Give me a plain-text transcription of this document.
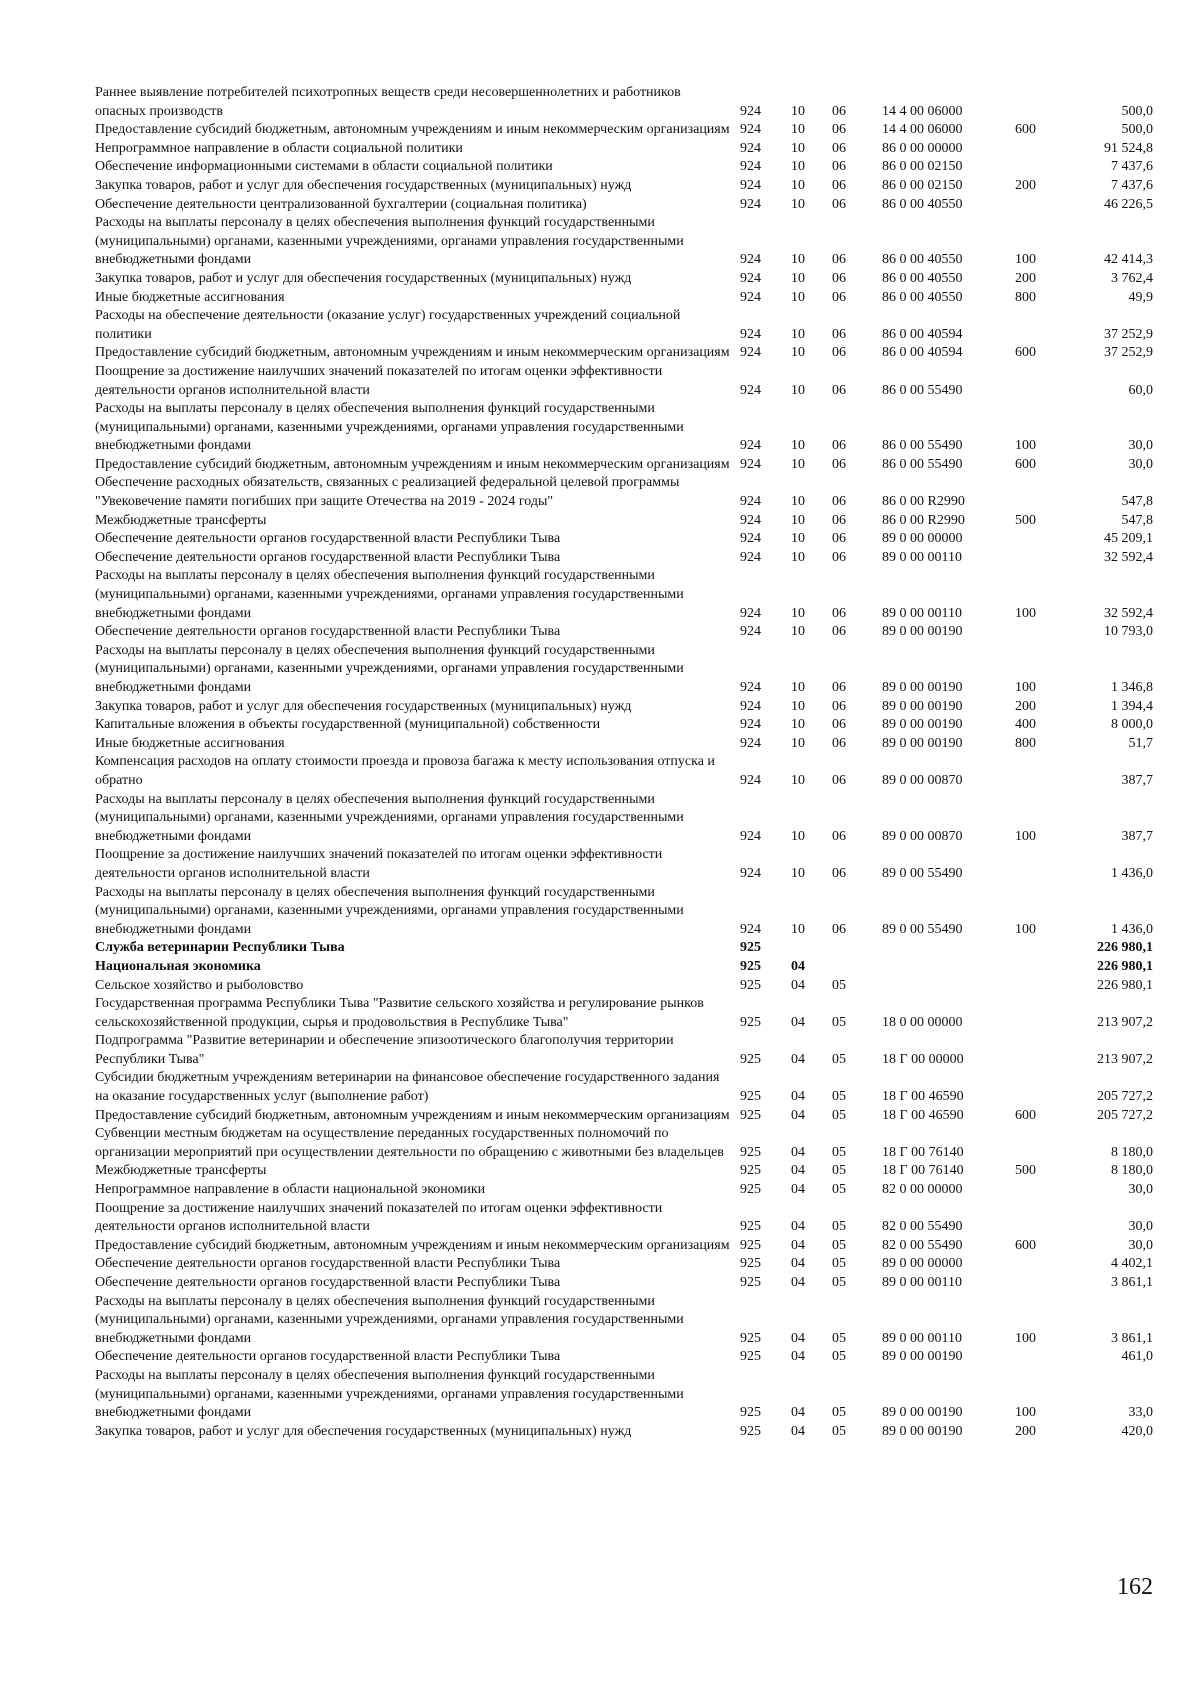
Раннее выявление потребителей психотропных веществ среди несовершеннолетних и работников опасных производств	924	10	06	14 4 00 06000		500,0
Предоставление субсидий бюджетным, автономным учреждениям и иным некоммерческим организациям	924	10	06	14 4 00 06000	600	500,0
Непрограммное направление в области социальной политики	924	10	06	86 0 00 00000		91 524,8
Обеспечение информационными системами в области социальной политики	924	10	06	86 0 00 02150		7 437,6
Закупка товаров, работ и услуг для обеспечения государственных (муниципальных) нужд	924	10	06	86 0 00 02150	200	7 437,6
Обеспечение деятельности централизованной бухгалтерии (социальная политика)	924	10	06	86 0 00 40550		46 226,5
Расходы на выплаты персоналу в целях обеспечения выполнения функций государственными (муниципальными) органами, казенными учреждениями, органами управления государственными внебюджетными фондами	924	10	06	86 0 00 40550	100	42 414,3
Закупка товаров, работ и услуг для обеспечения государственных (муниципальных) нужд	924	10	06	86 0 00 40550	200	3 762,4
Иные бюджетные ассигнования	924	10	06	86 0 00 40550	800	49,9
Расходы на обеспечение деятельности (оказание услуг) государственных учреждений социальной политики	924	10	06	86 0 00 40594		37 252,9
Предоставление субсидий бюджетным, автономным учреждениям и иным некоммерческим организациям	924	10	06	86 0 00 40594	600	37 252,9
Поощрение за достижение наилучших значений показателей по итогам оценки эффективности деятельности органов исполнительной власти	924	10	06	86 0 00 55490		60,0
Расходы на выплаты персоналу в целях обеспечения выполнения функций государственными (муниципальными) органами, казенными учреждениями, органами управления государственными внебюджетными фондами	924	10	06	86 0 00 55490	100	30,0
Предоставление субсидий бюджетным, автономным учреждениям и иным некоммерческим организациям	924	10	06	86 0 00 55490	600	30,0
Обеспечение расходных обязательств, связанных с реализацией федеральной целевой программы "Увековечение памяти погибших при защите Отечества на 2019 - 2024 годы"	924	10	06	86 0 00 R2990		547,8
Межбюджетные трансферты	924	10	06	86 0 00 R2990	500	547,8
Обеспечение деятельности органов государственной власти Республики Тыва	924	10	06	89 0 00 00000		45 209,1
Обеспечение деятельности органов государственной власти Республики Тыва	924	10	06	89 0 00 00110		32 592,4
Расходы на выплаты персоналу в целях обеспечения выполнения функций государственными (муниципальными) органами, казенными учреждениями, органами управления государственными внебюджетными фондами	924	10	06	89 0 00 00110	100	32 592,4
Обеспечение деятельности органов государственной власти Республики Тыва	924	10	06	89 0 00 00190		10 793,0
Расходы на выплаты персоналу в целях обеспечения выполнения функций государственными (муниципальными) органами, казенными учреждениями, органами управления государственными внебюджетными фондами	924	10	06	89 0 00 00190	100	1 346,8
Закупка товаров, работ и услуг для обеспечения государственных (муниципальных) нужд	924	10	06	89 0 00 00190	200	1 394,4
Капитальные вложения в объекты государственной (муниципальной) собственности	924	10	06	89 0 00 00190	400	8 000,0
Иные бюджетные ассигнования	924	10	06	89 0 00 00190	800	51,7
Компенсация расходов на оплату стоимости проезда и провоза багажа к месту использования отпуска и обратно	924	10	06	89 0 00 00870		387,7
Расходы на выплаты персоналу в целях обеспечения выполнения функций государственными (муниципальными) органами, казенными учреждениями, органами управления государственными внебюджетными фондами	924	10	06	89 0 00 00870	100	387,7
Поощрение за достижение наилучших значений показателей по итогам оценки эффективности деятельности органов исполнительной власти	924	10	06	89 0 00 55490		1 436,0
Расходы на выплаты персоналу в целях обеспечения выполнения функций государственными (муниципальными) органами, казенными учреждениями, органами управления государственными внебюджетными фондами	924	10	06	89 0 00 55490	100	1 436,0
Служба ветеринарии Республики Тыва	925					226 980,1
Национальная экономика	925	04				226 980,1
Сельское хозяйство и рыболовство	925	04	05			226 980,1
Государственная программа Республики Тыва "Развитие сельского хозяйства и регулирование рынков сельскохозяйственной продукции, сырья и продовольствия в Республике Тыва"	925	04	05	18 0 00 00000		213 907,2
Подпрограмма "Развитие ветеринарии и обеспечение эпизоотического благополучия территории Республики Тыва"	925	04	05	18 Г 00 00000		213 907,2
Субсидии бюджетным учреждениям ветеринарии на финансовое обеспечение государственного задания на оказание государственных услуг (выполнение работ)	925	04	05	18 Г 00 46590		205 727,2
Предоставление субсидий бюджетным, автономным учреждениям и иным некоммерческим организациям	925	04	05	18 Г 00 46590	600	205 727,2
Субвенции местным бюджетам на осуществление переданных государственных полномочий по организации мероприятий при осуществлении деятельности по обращению с животными без владельцев	925	04	05	18 Г 00 76140		8 180,0
Межбюджетные трансферты	925	04	05	18 Г 00 76140	500	8 180,0
Непрограммное направление в области национальной экономики	925	04	05	82 0 00 00000		30,0
Поощрение за достижение наилучших значений показателей по итогам оценки эффективности деятельности органов исполнительной власти	925	04	05	82 0 00 55490		30,0
Предоставление субсидий бюджетным, автономным учреждениям и иным некоммерческим организациям	925	04	05	82 0 00 55490	600	30,0
Обеспечение деятельности органов государственной власти Республики Тыва	925	04	05	89 0 00 00000		4 402,1
Обеспечение деятельности органов государственной власти Республики Тыва	925	04	05	89 0 00 00110		3 861,1
Расходы на выплаты персоналу в целях обеспечения выполнения функций государственными (муниципальными) органами, казенными учреждениями, органами управления государственными внебюджетными фондами	925	04	05	89 0 00 00110	100	3 861,1
Обеспечение деятельности органов государственной власти Республики Тыва	925	04	05	89 0 00 00190		461,0
Расходы на выплаты персоналу в целях обеспечения выполнения функций государственными (муниципальными) органами, казенными учреждениями, органами управления государственными внебюджетными фондами	925	04	05	89 0 00 00190	100	33,0
Закупка товаров, работ и услуг для обеспечения государственных (муниципальных) нужд	925	04	05	89 0 00 00190	200	420,0
162
